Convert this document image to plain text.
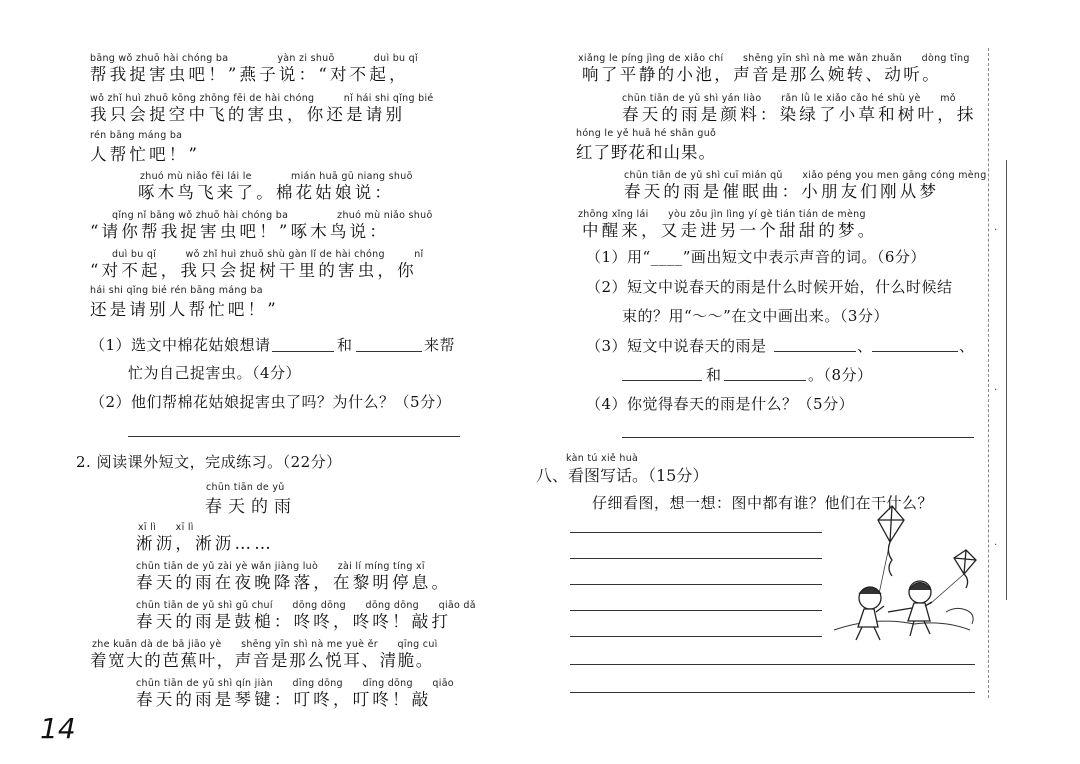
bāng wǒ zhuō hài chóng ba　　　　　yàn zi shuō　　　　duì bu qǐ
帮我捉害虫吧！”燕子说：“对不起，
wǒ zhǐ huì zhuō kōng zhōng fēi de hài chóng　　　nǐ hái shi qǐng bié
我只会捉空中飞的害虫，你还是请别
rén bāng máng ba
人帮忙吧！”
zhuó mù niǎo fēi lái le　　　　mián huā gū niang shuō
啄木鸟飞来了。棉花姑娘说：
qǐng nǐ bāng wǒ zhuō hài chóng ba　　　　　zhuó mù niǎo shuō
“请你帮我捉害虫吧！”啄木鸟说：
duì bu qǐ　　　wǒ zhǐ huì zhuō shù gàn lǐ de hài chóng　　　nǐ
“对不起，我只会捉树干里的害虫，你
hái shi qǐng bié rén bāng máng ba
还是请别人帮忙吧！”
（1）选文中棉花姑娘想请	和	来帮
忙为自己捉害虫。（4分）
（2）他们帮棉花姑娘捉害虫了吗？为什么？（5分）
2. 阅读课外短文，完成练习。（22分）
chūn tiān de yǔ
春天的雨
xī lì　　xī lì
淅沥，淅沥……
chūn tiān de yǔ zài yè wǎn jiàng luò　　zài lí míng tíng xī
春天的雨在夜晚降落，在黎明停息。
chūn tiān de yǔ shì gǔ chuí　　dōng dōng　　dōng dōng　　qiāo dǎ
春天的雨是鼓槌：咚咚，咚咚！敲打
zhe kuān dà de bā jiāo yè　　shēng yīn shì nà me yuè ěr　　qīng cuì
着宽大的芭蕉叶，声音是那么悦耳、清脆。
chūn tiān de yǔ shì qín jiàn　　dīng dōng　　dīng dōng　　qiāo
春天的雨是琴键：叮咚，叮咚！敲
14
xiǎng le píng jìng de xiǎo chí　　shēng yīn shì nà me wǎn zhuǎn　　dòng tīng
响了平静的小池，声音是那么婉转、动听。
chūn tiān de yǔ shì yán liào　　rǎn lǜ le xiǎo cǎo hé shù yè　　mǒ
春天的雨是颜料：染绿了小草和树叶，抹
hóng le yě huā hé shān guǒ
红了野花和山果。
chūn tiān de yǔ shì cuī mián qǔ　　xiǎo péng you men gāng cóng mèng
春天的雨是催眠曲：小朋友们刚从梦
zhōng xǐng lái　　yòu zǒu jìn lìng yí gè tián tián de mèng
中醒来，又走进另一个甜甜的梦。
（1）用“____”画出短文中表示声音的词。（6分）
（2）短文中说春天的雨是什么时候开始，什么时候结
束的？用“～～”在文中画出来。（3分）
（3）短文中说春天的雨是	、	、
和	。（8分）
（4）你觉得春天的雨是什么？（5分）
kàn tú xiě huà
八、看图写话。（15分）
仔细看图，想一想：图中都有谁？他们在干什么？
·
·
·
